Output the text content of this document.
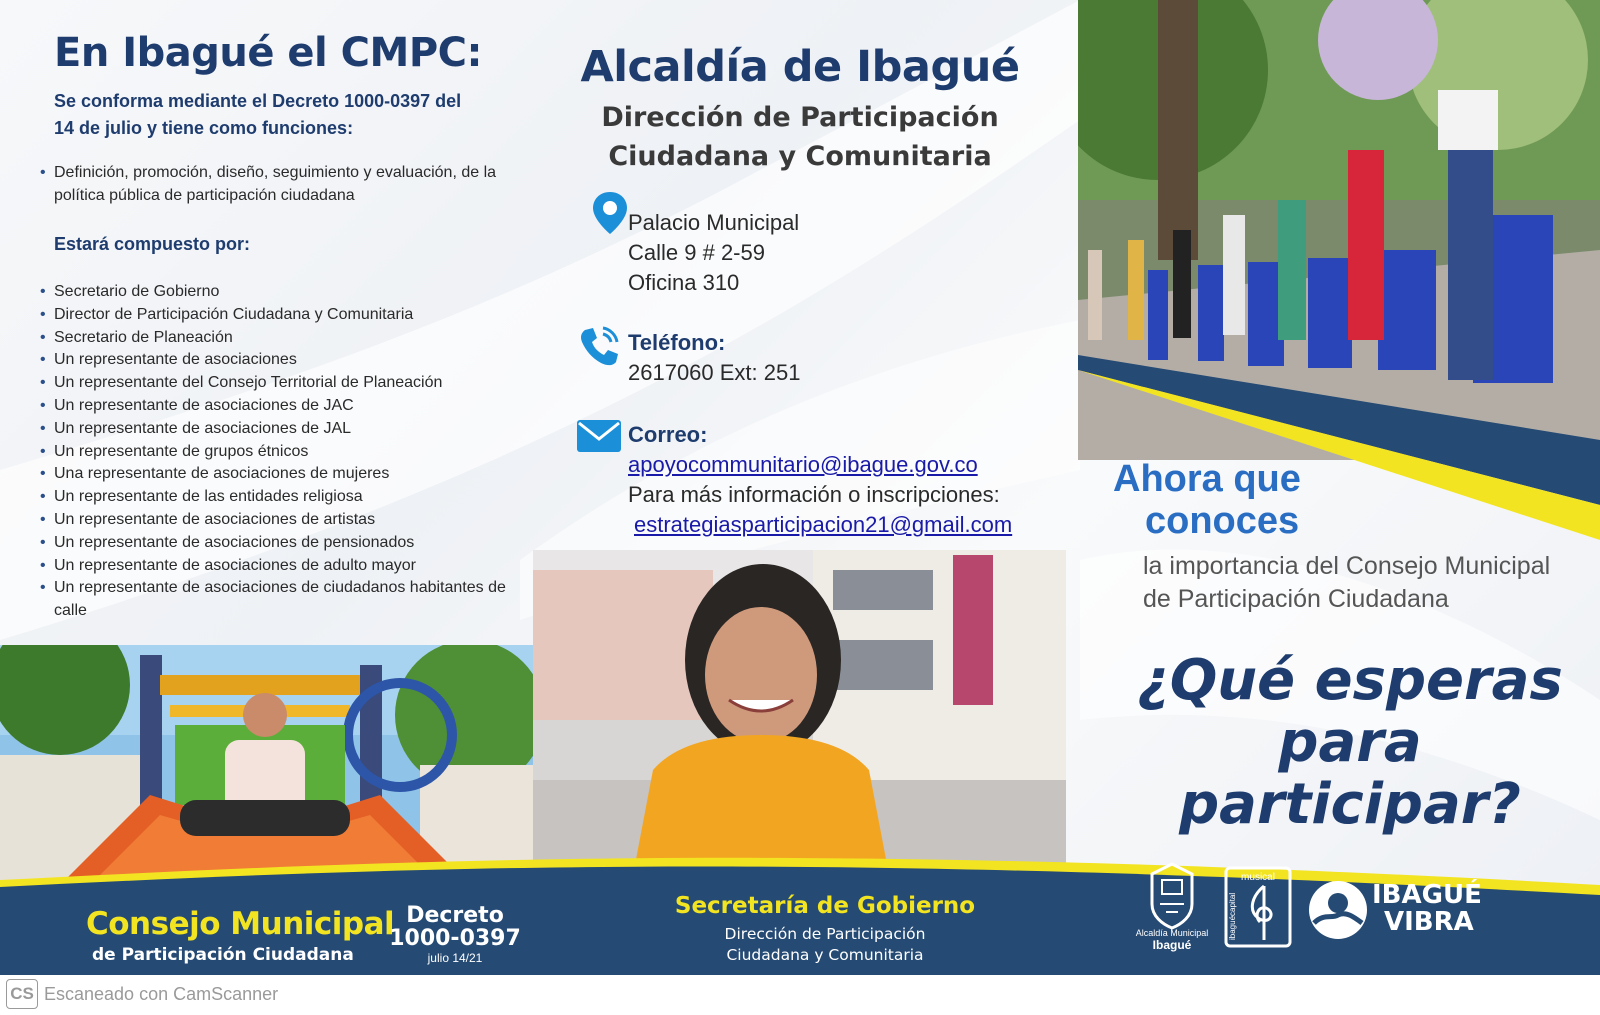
En Ibagué el CMPC:
Se conforma mediante el Decreto 1000-0397 del 14 de julio y tiene como funciones:
• Definición, promoción, diseño, seguimiento y evaluación, de la política pública de participación ciudadana
Estará compuesto por:
• Secretario de Gobierno
• Director de Participación Ciudadana y Comunitaria
• Secretario de Planeación
• Un representante de asociaciones
• Un representante del Consejo Territorial de Planeación
• Un representante de asociaciones de JAC
• Un representante de asociaciones de JAL
• Un representante de grupos étnicos
• Una representante de asociaciones de mujeres
• Un representante de las entidades religiosa
• Un representante de asociaciones de artistas
• Un representante de asociaciones de pensionados
• Un representante de asociaciones de adulto mayor
• Un representante de asociaciones de ciudadanos habitantes de calle
Alcaldía de Ibagué
Dirección de Participación
Ciudadana y Comunitaria
Palacio Municipal
Calle 9 # 2-59
Oficina 310
Teléfono:
2617060 Ext: 251
Correo:
apoyocommunitario@ibague.gov.co
Para más información o inscripciones:
estrategiasparticipacion21@gmail.com
Ahora que
conoces
la importancia del Consejo Municipal de Participación Ciudadana
¿Qué esperas
para
participar?
Consejo Municipal
de Participación Ciudadana
Decreto
1000-0397
julio 14/21
Secretaría de Gobierno
Dirección de Participación
Ciudadana y Comunitaria
Alcaldía Municipal
Ibagué
musical
ibaguécapital	IBAGUÉ
VIBRA
CS Escaneado con CamScanner
